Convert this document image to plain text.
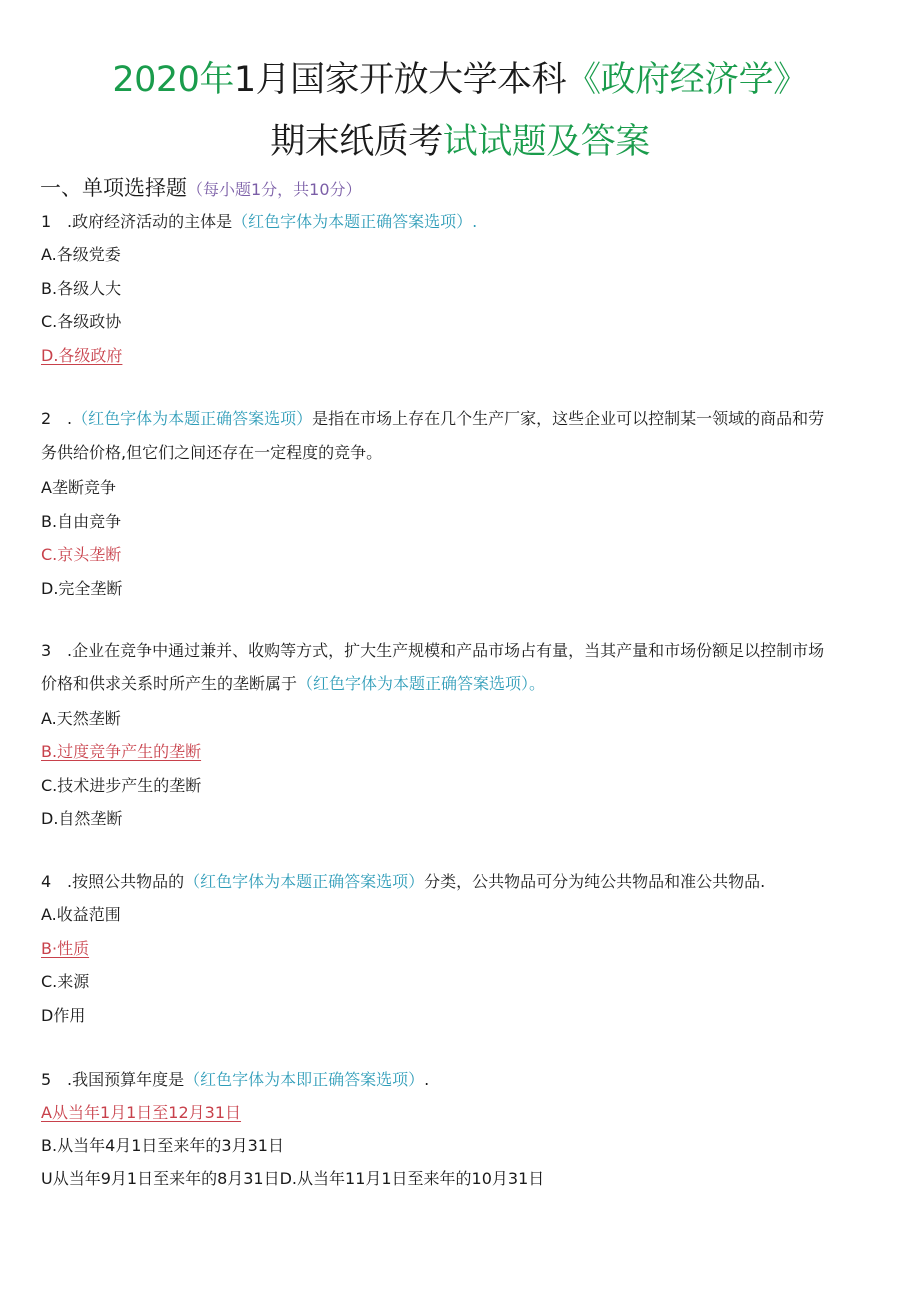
2020年1月国家开放大学本科《政府经济学》
期末纸质考试试题及答案
一、单项选择题（每小题1分，共10分）
1 .政府经济活动的主体是（红色字体为本题正确答案选项）.
A.各级党委
B.各级人大
C.各级政协
D.各级政府
2 .（红色字体为本题正确答案选项）是指在市场上存在几个生产厂家，这些企业可以控制某一领域的商品和劳
务供给价格,但它们之间还存在一定程度的竞争。
A垄断竞争
B.自由竞争
C.京头垄断
D.完全垄断
3 .企业在竞争中通过兼并、收购等方式，扩大生产规模和产品市场占有量，当其产量和市场份额足以控制市场
价格和供求关系时所产生的垄断属于（红色字体为本题正确答案选项）。
A.天然垄断
B.过度竞争产生的垄断
C.技术进步产生的垄断
D.自然垄断
4 .按照公共物品的（红色字体为本题正确答案选项）分类，公共物品可分为纯公共物品和准公共物品.
A.收益范围
B·性质
C.来源
D作用
5 .我国预算年度是（红色字体为本即正确答案选项）.
A从当年1月1日至12月31日
B.从当年4月1日至来年的3月31日
U从当年9月1日至来年的8月31日D.从当年11月1日至来年的10月31日
